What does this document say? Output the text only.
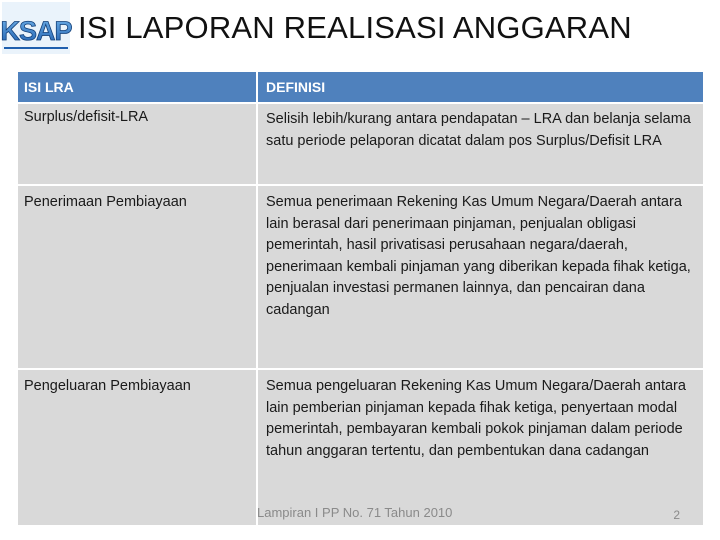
KSAP ISI LAPORAN REALISASI ANGGARAN
ISI LRA	DEFINISI
Surplus/defisit-LRA	Selisih lebih/kurang antara pendapatan – LRA dan belanja selama satu periode pelaporan dicatat dalam pos Surplus/Defisit LRA
Penerimaan Pembiayaan	Semua penerimaan Rekening Kas Umum Negara/Daerah antara lain berasal dari penerimaan pinjaman, penjualan obligasi pemerintah, hasil privatisasi perusahaan negara/daerah, penerimaan kembali pinjaman yang diberikan kepada fihak ketiga, penjualan investasi permanen lainnya, dan pencairan dana cadangan
Pengeluaran Pembiayaan	Semua pengeluaran Rekening Kas Umum Negara/Daerah antara lain pemberian pinjaman kepada fihak ketiga, penyertaan modal pemerintah, pembayaran kembali pokok pinjaman dalam periode tahun anggaran tertentu, dan pembentukan dana cadangan
Lampiran I PP No. 71 Tahun 2010	2
